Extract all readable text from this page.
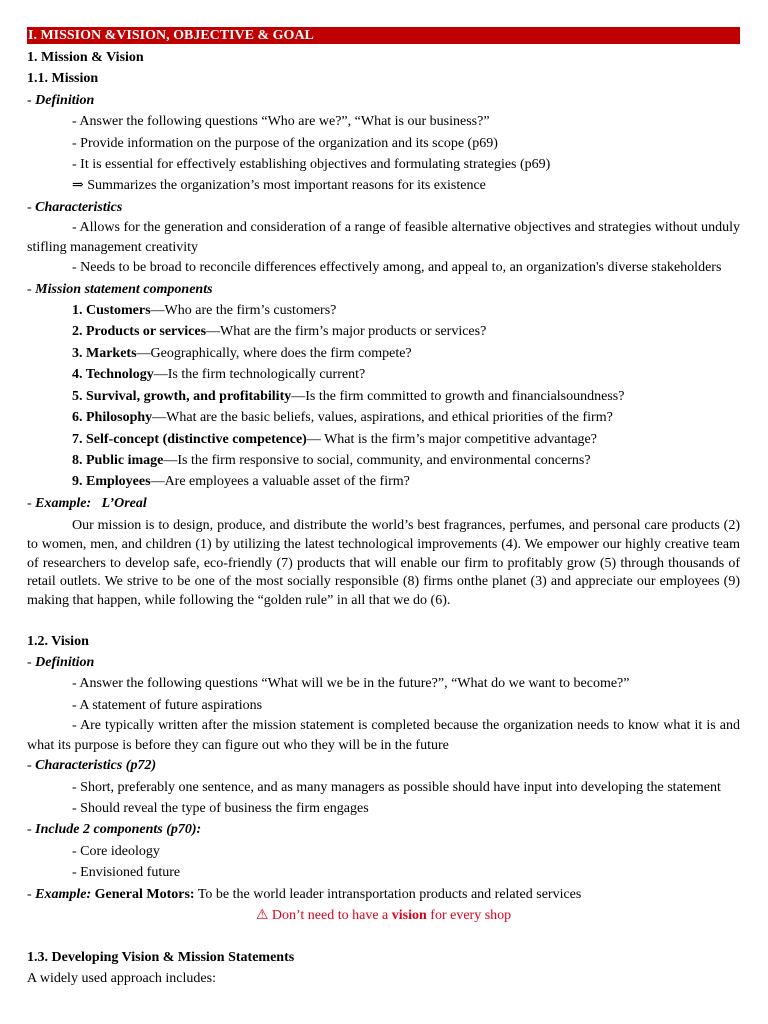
I. MISSION &VISION, OBJECTIVE & GOAL
1. Mission & Vision
1.1. Mission
- Definition
- Answer the following questions “Who are we?”, “What is our business?”
- Provide information on the purpose of the organization and its scope (p69)
- It is essential for effectively establishing objectives and formulating strategies (p69)
⇒ Summarizes the organization’s most important reasons for its existence
- Characteristics
- Allows for the generation and consideration of a range of feasible alternative objectives and strategies without unduly stifling management creativity
- Needs to be broad to reconcile differences effectively among, and appeal to, an organization's diverse stakeholders
- Mission statement components
1. Customers—Who are the firm’s customers?
2. Products or services—What are the firm’s major products or services?
3. Markets—Geographically, where does the firm compete?
4. Technology—Is the firm technologically current?
5. Survival, growth, and profitability—Is the firm committed to growth and financialsoundness?
6. Philosophy—What are the basic beliefs, values, aspirations, and ethical priorities of the firm?
7. Self-concept (distinctive competence)— What is the firm’s major competitive advantage?
8. Public image—Is the firm responsive to social, community, and environmental concerns?
9. Employees—Are employees a valuable asset of the firm?
- Example: L’Oreal

Our mission is to design, produce, and distribute the world’s best fragrances, perfumes, and personal care products (2) to women, men, and children (1) by utilizing the latest technological improvements (4). We empower our highly creative team of researchers to develop safe, eco-friendly (7) products that will enable our firm to profitably grow (5) through thousands of retail outlets. We strive to be one of the most socially responsible (8) firms onthe planet (3) and appreciate our employees (9) making that happen, while following the “golden rule” in all that we do (6).

1.2. Vision
- Definition
- Answer the following questions “What will we be in the future?”, “What do we want to become?”
- A statement of future aspirations
- Are typically written after the mission statement is completed because the organization needs to know what it is and what its purpose is before they can figure out who they will be in the future
- Characteristics (p72)
- Short, preferably one sentence, and as many managers as possible should have input into developing the statement
- Should reveal the type of business the firm engages
- Include 2 components (p70):
- Core ideology
- Envisioned future
- Example: General Motors: To be the world leader intransportation products and related services
⚠ Don’t need to have a vision for every shop
1.3. Developing Vision & Mission Statements
A widely used approach includes:
